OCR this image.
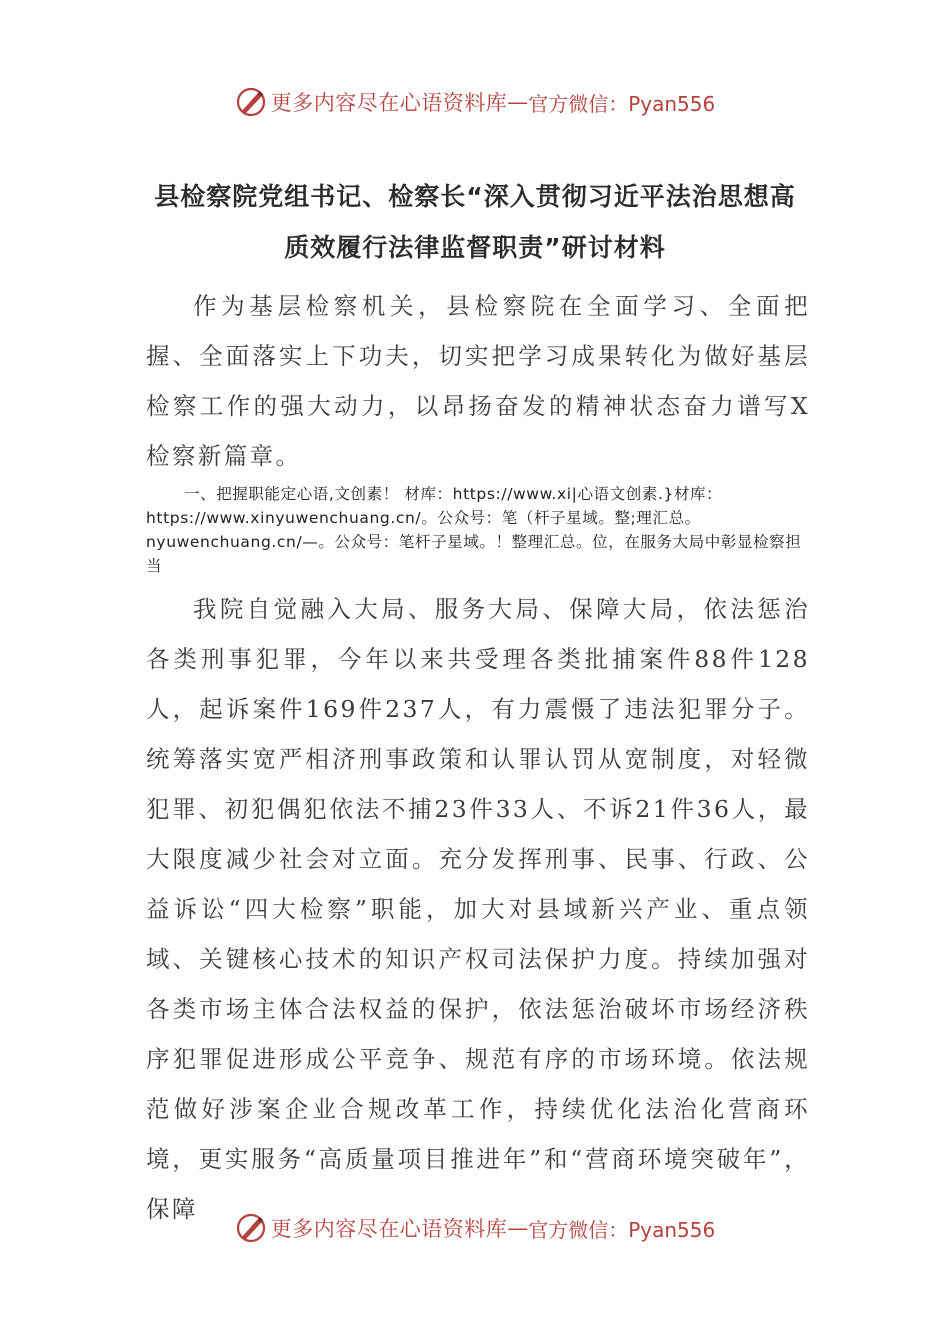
更多内容尽在心语资料库 — 官方微信：Pyan556
县检察院党组书记、检察长“深入贯彻习近平法治思想高
质效履行法律监督职责”研讨材料

作为基层检察机关，县检察院在全面学习、全面把握、全面落实上下功夫，切实把学习成果转化为做好基层检察工作的强大动力，以昂扬奋发的精神状态奋力谱写X检察新篇章。

一、把握职能定心语,文创素！ 材库：https://www.xi|心语文创素.}材库：https://www.xinyuwenchuang.cn/。公众号：笔（杆子星域。整;理汇总。nyuwenchuang.cn/—。公众号：笔杆子星域。！整理汇总。位，在服务大局中彰显检察担当

我院自觉融入大局、服务大局、保障大局，依法惩治各类刑事犯罪，今年以来共受理各类批捕案件88件128人，起诉案件169件237人，有力震慑了违法犯罪分子。统筹落实宽严相济刑事政策和认罪认罚从宽制度，对轻微犯罪、初犯偶犯依法不捕23件33人、不诉21件36人，最大限度减少社会对立面。充分发挥刑事、民事、行政、公益诉讼“四大检察”职能，加大对县域新兴产业、重点领域、关键核心技术的知识产权司法保护力度。持续加强对各类市场主体合法权益的保护，依法惩治破坏市场经济秩序犯罪促进形成公平竞争、规范有序的市场环境。依法规范做好涉案企业合规改革工作，持续优化法治化营商环境，更实服务“高质量项目推进年”和“营商环境突破年”，保障

更多内容尽在心语资料库 — 官方微信：Pyan556
